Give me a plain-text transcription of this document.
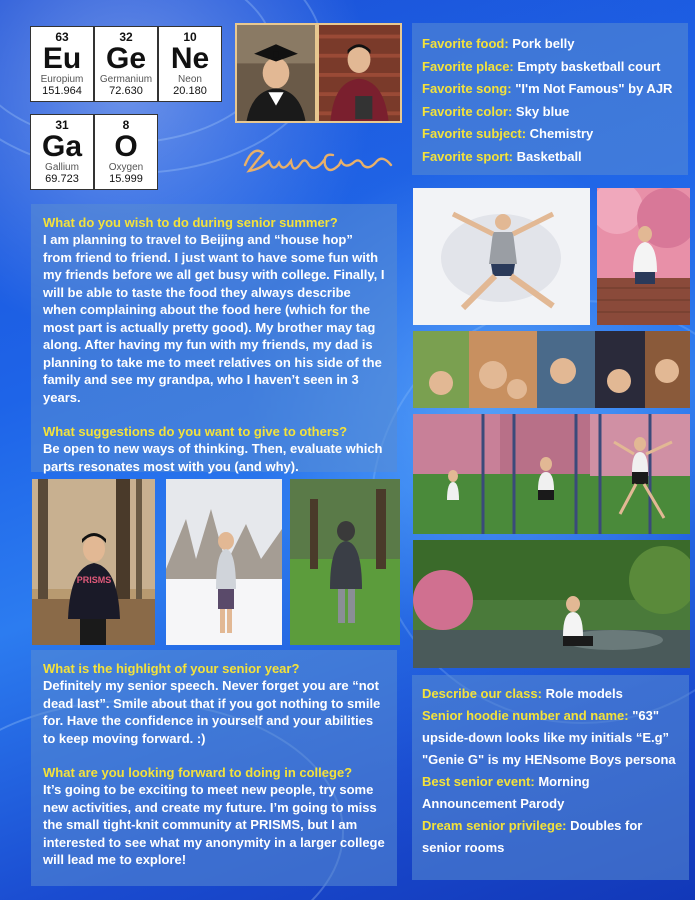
63
Eu
Europium
151.964
32
Ge
Germanium
72.630
10
Ne
Neon
20.180
31
Ga
Gallium
69.723
8
O
Oxygen
15.999

Favorite food: Pork belly

Favorite place: Empty basketball court

Favorite song: "I'm Not Famous" by AJR

Favorite color: Sky blue

Favorite subject: Chemistry

Favorite sport: Basketball

What do you wish to do during senior summer?

I am planning to travel to Beijing and “house hop” from friend to friend. I just want to have some fun with my friends before we all get busy with college. Finally, I will be able to taste the food they always describe when complaining about the food here (which for the most part is actually pretty good). My brother may tag along. After having my fun with my friends, my dad is planning to take me to meet relatives on his side of the family and see my grandpa, who I haven’t seen in 3 years.

What suggestions do you want to give to others?

Be open to new ways of thinking. Then, evaluate which parts resonates most with you (and why).

PRISMS

What is the highlight of your senior year?

Definitely my senior speech. Never forget you are “not dead last”. Smile about that if you got nothing to smile for. Have the confidence in yourself and your abilities to keep moving forward. :)

What are you looking forward to doing in college?

It’s going to be exciting to meet new people, try some new activities, and create my future. I’m going to miss the small tight-knit community at PRISMS, but I am interested to see what my anonymity in a larger college will lead me to explore!

Describe our class: Role models

Senior hoodie number and name: "63" upside-down looks like my initials “E.g” "Genie G" is my HENsome Boys persona

Best senior event: Morning Announcement Parody

Dream senior privilege: Doubles for senior rooms
